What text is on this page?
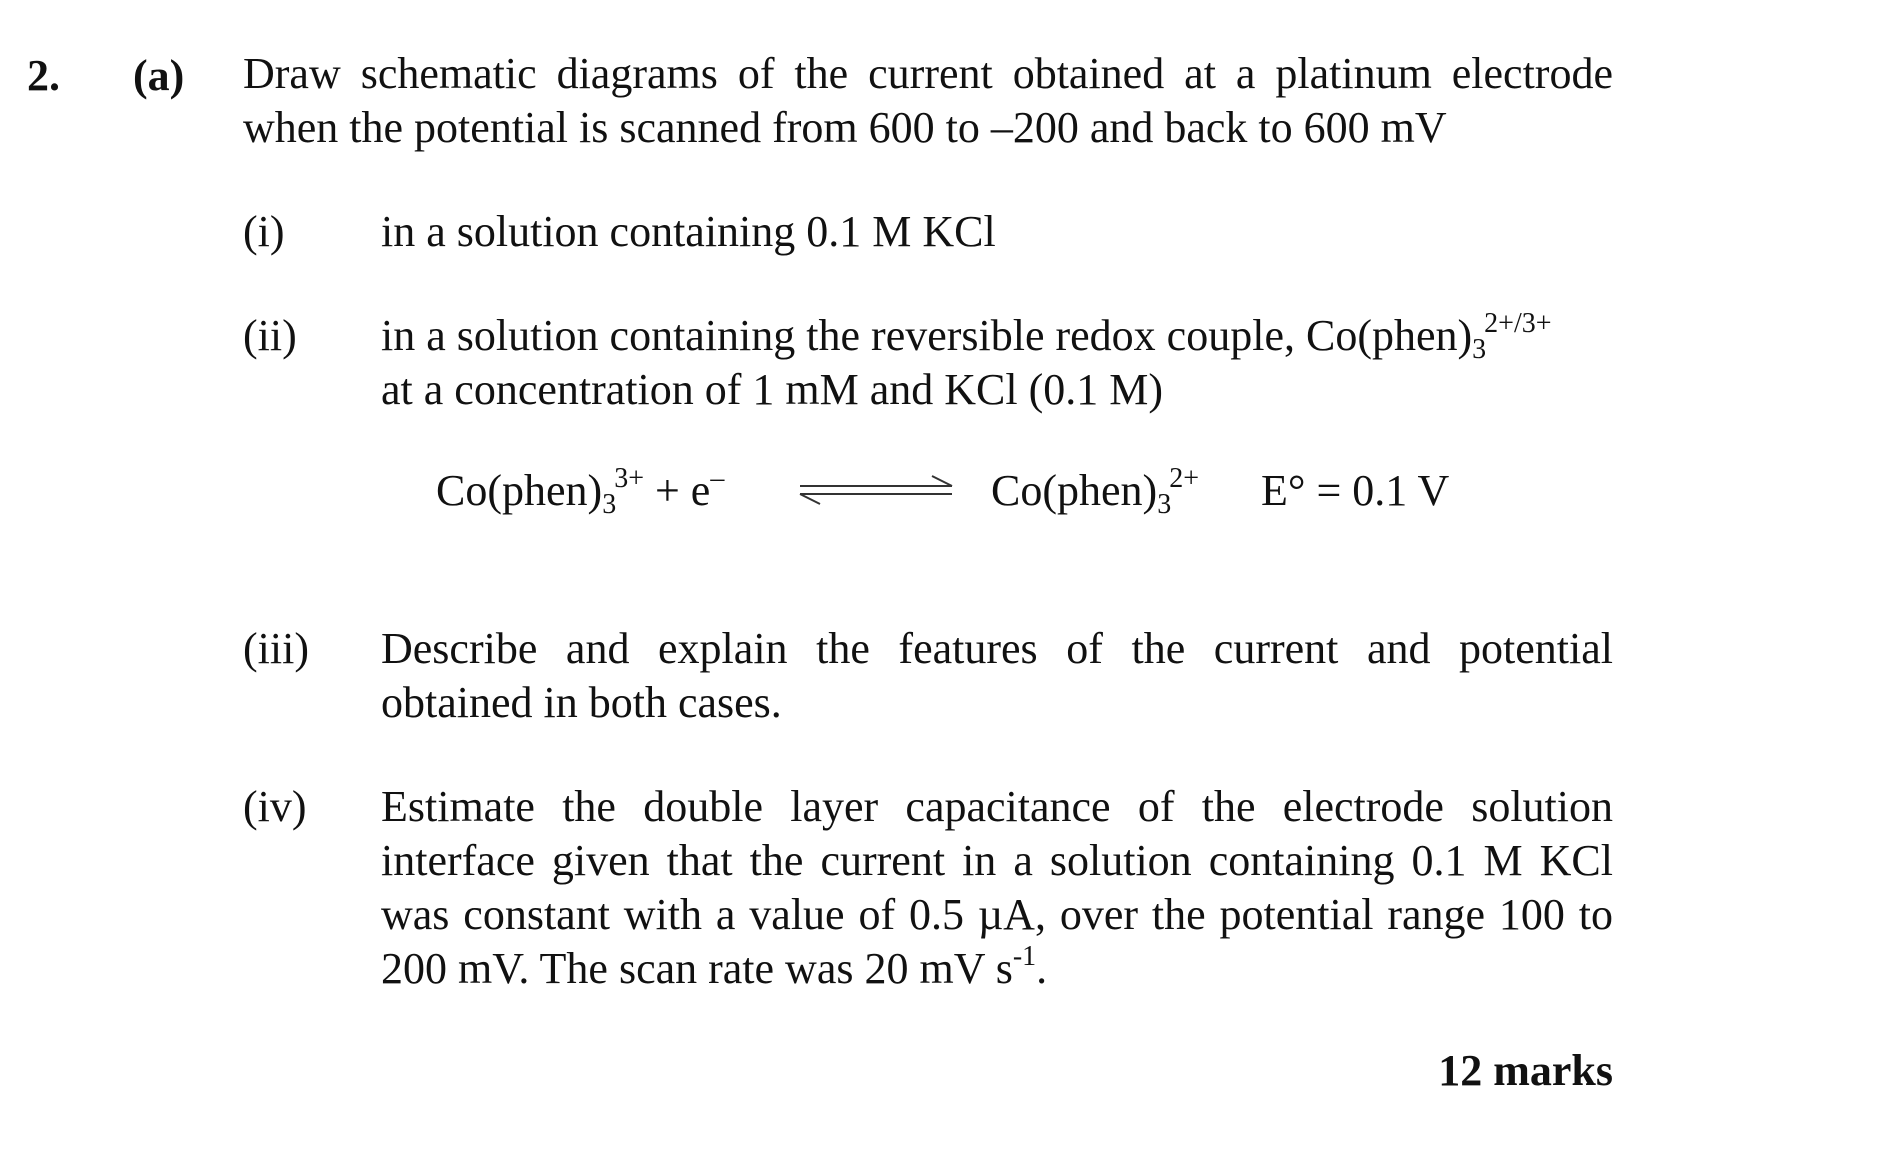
2. (a) Draw schematic diagrams of the current obtained at a platinum electrode
when the potential is scanned from 600 to –200 and back to 600 mV
(i) in a solution containing 0.1 M KCl
(ii) in a solution containing the reversible redox couple, $Co(phen)_3^{2+/3+}$
at a concentration of 1 mM and KCl (0.1 M)
$Co(phen)_3^{3+} + e^-$ ⇌ $Co(phen)_3^{2+}$ E° = 0.1 V
(iii) Describe and explain the features of the current and potential
obtained in both cases.
(iv) Estimate the double layer capacitance of the electrode solution
interface given that the current in a solution containing 0.1 M KCl
was constant with a value of 0.5 µA, over the potential range 100 to
200 mV. The scan rate was 20 mV $s^{-1}$.
12 marks
